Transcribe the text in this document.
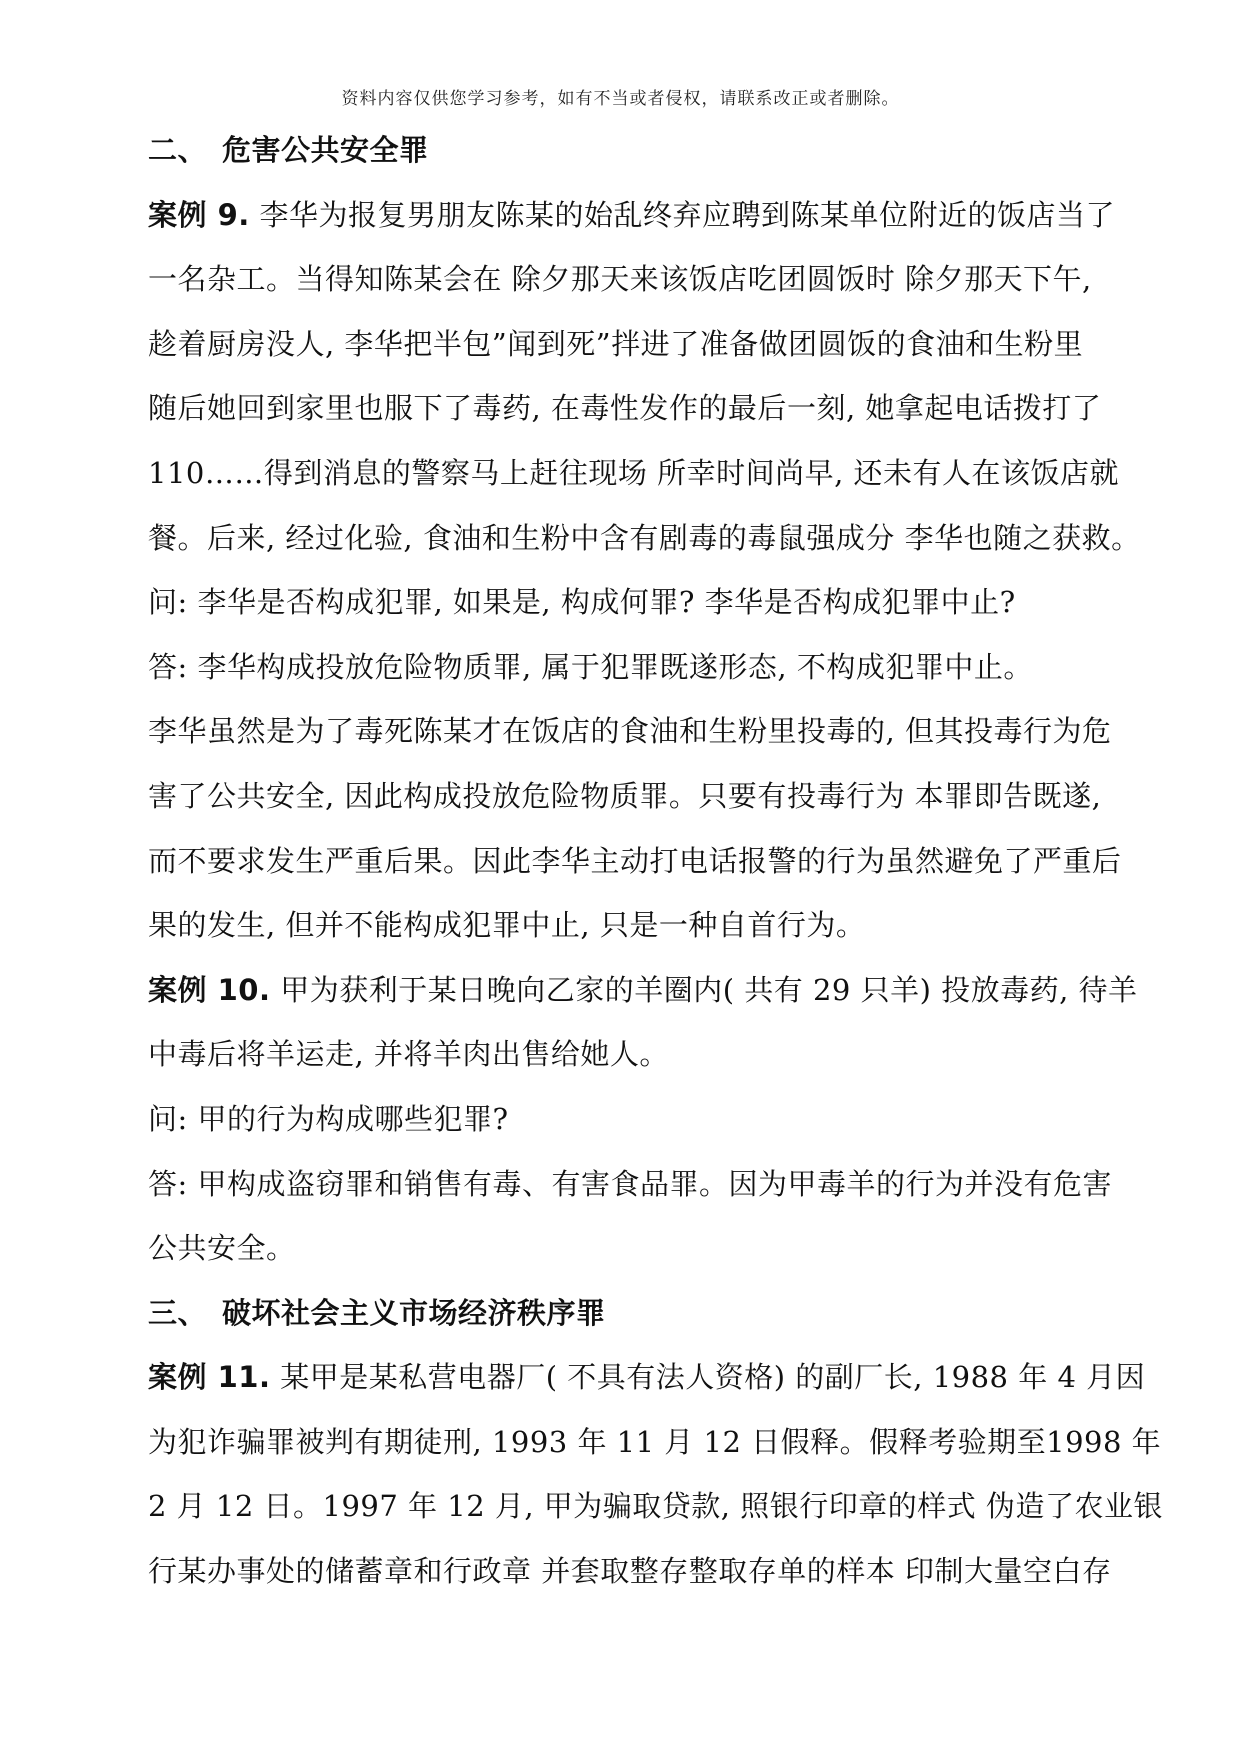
资料内容仅供您学习参考，如有不当或者侵权，请联系改正或者删除。
二、 危害公共安全罪
案例 9. 李华为报复男朋友陈某的始乱终弃应聘到陈某单位附近的饭店当了
一名杂工。当得知陈某会在 除夕那天来该饭店吃团圆饭时 除夕那天下午,
趁着厨房没人, 李华把半包”闻到死”拌进了准备做团圆饭的食油和生粉里
随后她回到家里也服下了毒药, 在毒性发作的最后一刻, 她拿起电话拨打了
110……得到消息的警察马上赶往现场 所幸时间尚早, 还未有人在该饭店就
餐。后来, 经过化验, 食油和生粉中含有剧毒的毒鼠强成分 李华也随之获救。
问: 李华是否构成犯罪, 如果是, 构成何罪? 李华是否构成犯罪中止?
答: 李华构成投放危险物质罪, 属于犯罪既遂形态, 不构成犯罪中止。
李华虽然是为了毒死陈某才在饭店的食油和生粉里投毒的, 但其投毒行为危
害了公共安全, 因此构成投放危险物质罪。只要有投毒行为 本罪即告既遂,
而不要求发生严重后果。因此李华主动打电话报警的行为虽然避免了严重后
果的发生, 但并不能构成犯罪中止, 只是一种自首行为。
案例 10. 甲为获利于某日晚向乙家的羊圈内( 共有 29 只羊) 投放毒药, 待羊
中毒后将羊运走, 并将羊肉出售给她人。
问: 甲的行为构成哪些犯罪?
答: 甲构成盗窃罪和销售有毒、有害食品罪。因为甲毒羊的行为并没有危害
公共安全。
三、 破坏社会主义市场经济秩序罪
案例 11. 某甲是某私营电器厂( 不具有法人资格) 的副厂长, 1988 年 4 月因
为犯诈骗罪被判有期徒刑, 1993 年 11 月 12 日假释。假释考验期至1998 年
2 月 12 日。1997 年 12 月, 甲为骗取贷款, 照银行印章的样式 伪造了农业银
行某办事处的储蓄章和行政章 并套取整存整取存单的样本 印制大量空白存
